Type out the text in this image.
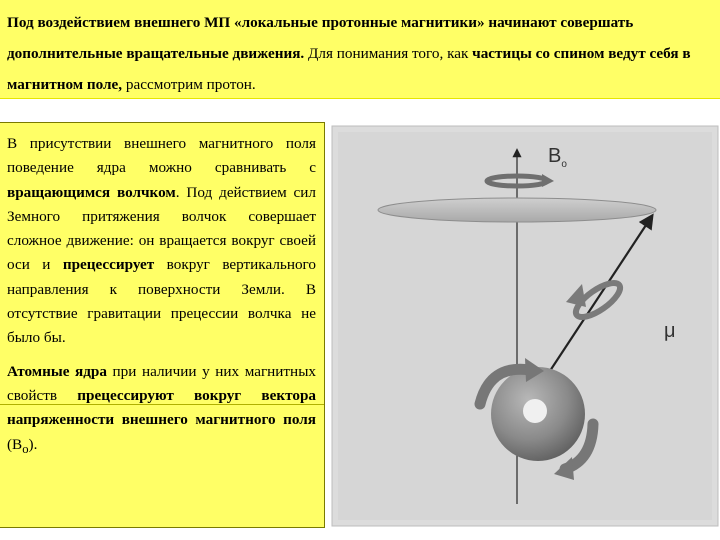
Под воздействием внешнего МП «локальные протонные магнитики» начинают совершать дополнительные вращательные движения. Для понимания того, как частицы со спином ведут себя в магнитном поле, рассмотрим протон.

В присутствии внешнего магнитного поля поведение ядра можно сравнивать с вращающимся волчком. Под действием сил Земного притяжения волчок совершает сложное движение: он вращается вокруг своей оси и прецессирует вокруг вертикального направления к поверхности Земли. В отсутствие гравитации прецессии волчка не было бы.

Атомные ядра при наличии у них магнитных свойств прецессируют вокруг вектора напряженности внешнего магнитного поля $(B_o)$.

$B_o$
μ
